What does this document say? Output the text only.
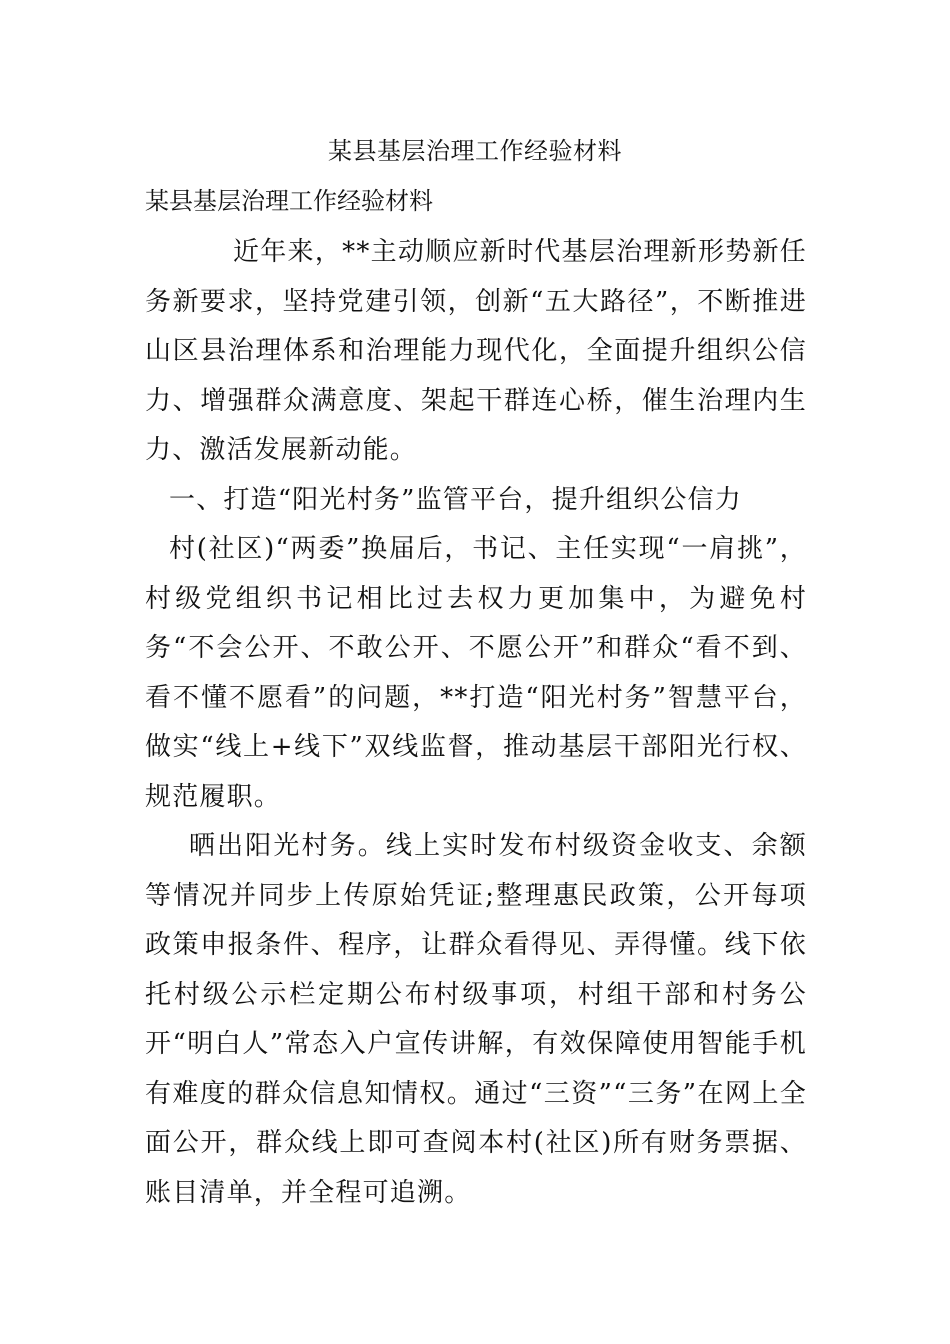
某县基层治理工作经验材料
某县基层治理工作经验材料

近年来，**主动顺应新时代基层治理新形势新任务新要求，坚持党建引领，创新“五大路径”，不断推进山区县治理体系和治理能力现代化，全面提升组织公信力、增强群众满意度、架起干群连心桥，催生治理内生力、激活发展新动能。

一、打造“阳光村务”监管平台，提升组织公信力

村(社区)“两委”换届后，书记、主任实现“一肩挑”，村级党组织书记相比过去权力更加集中，为避免村务“不会公开、不敢公开、不愿公开”和群众“看不到、看不懂不愿看”的问题，**打造“阳光村务”智慧平台，做实“线上+线下”双线监督，推动基层干部阳光行权、规范履职。

晒出阳光村务。线上实时发布村级资金收支、余额等情况并同步上传原始凭证;整理惠民政策，公开每项政策申报条件、程序，让群众看得见、弄得懂。线下依托村级公示栏定期公布村级事项，村组干部和村务公开“明白人”常态入户宣传讲解，有效保障使用智能手机有难度的群众信息知情权。通过“三资”“三务”在网上全面公开，群众线上即可查阅本村(社区)所有财务票据、账目清单，并全程可追溯。
